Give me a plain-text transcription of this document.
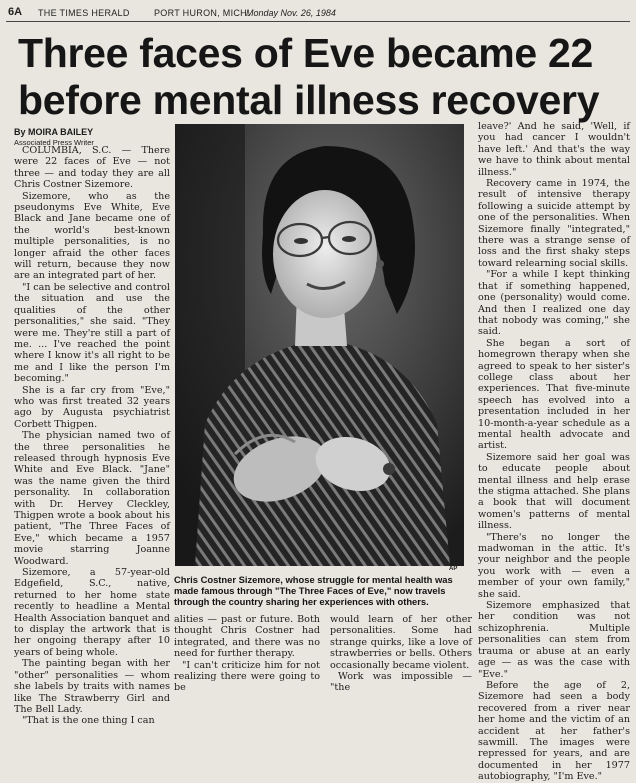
6A THE TIMES HERALD	PORT HURON, MICH.
Monday Nov. 26, 1984
Three faces of Eve became 22 before mental illness recovery
By MOIRA BAILEY
Associated Press Writer

COLUMBIA, S.C. — There were 22 faces of Eve — not three — and today they are all Chris Costner Sizemore.

Sizemore, who as the pseudonyms Eve White, Eve Black and Jane became one of the world's best-known multiple personalities, is no longer afraid the other faces will return, because they now are an integrated part of her.

"I can be selective and control the situation and use the qualities of the other personalities," she said. "They were me. They're still a part of me. ... I've reached the point where I know it's all right to be me and I like the person I'm becoming."

She is a far cry from "Eve," who was first treated 32 years ago by Augusta psychiatrist Corbett Thigpen.

The physician named two of the three personalities he released through hypnosis Eve White and Eve Black. "Jane" was the name given the third personality. In collaboration with Dr. Hervey Cleckley, Thigpen wrote a book about his patient, "The Three Faces of Eve," which became a 1957 movie starring Joanne Woodward.

Sizemore, a 57-year-old Edgefield, S.C., native, returned to her home state recently to headline a Mental Health Association banquet and to display the artwork that is her ongoing therapy after 10 years of being whole.

The painting began with her "other" personalities — whom she labels by traits with names like The Strawberry Girl and The Bell Lady.

"That is the one thing I can

AP

Chris Costner Sizemore, whose struggle for mental health was made famous through "The Three Faces of Eve," now travels through the country sharing her experiences with others.

alities — past or future. Both thought Chris Costner had integrated, and there was no need for further therapy.

"I can't criticize him for not realizing there were going to be

would learn of her other personalities. Some had strange quirks, like a love of strawberries or bells. Others occasionally became violent.

Work was impossible — "the

leave?' And he said, 'Well, if you had cancer I wouldn't have left.' And that's the way we have to think about mental illness."

Recovery came in 1974, the result of intensive therapy following a suicide attempt by one of the personalities. When Sizemore finally "integrated," there was a strange sense of loss and the first shaky steps toward relearning social skills.

"For a while I kept thinking that if something happened, one (personality) would come. And then I realized one day that nobody was coming," she said.

She began a sort of homegrown therapy when she agreed to speak to her sister's college class about her experiences. That five-minute speech has evolved into a presentation included in her 10-month-a-year schedule as a mental health advocate and artist.

Sizemore said her goal was to educate people about mental illness and help erase the stigma attached. She plans a book that will document women's patterns of mental illness.

"There's no longer the madwoman in the attic. It's your neighbor and the people you work with — even a member of your own family," she said.

Sizemore emphasized that her condition was not schizophrenia. Multiple personalities can stem from trauma or abuse at an early age — as was the case with "Eve."

Before the age of 2, Sizemore had seen a body recovered from a river near her home and the victim of an accident at her father's sawmill. The images were repressed for years, and are documented in her 1977 autobiography, "I'm Eve."
